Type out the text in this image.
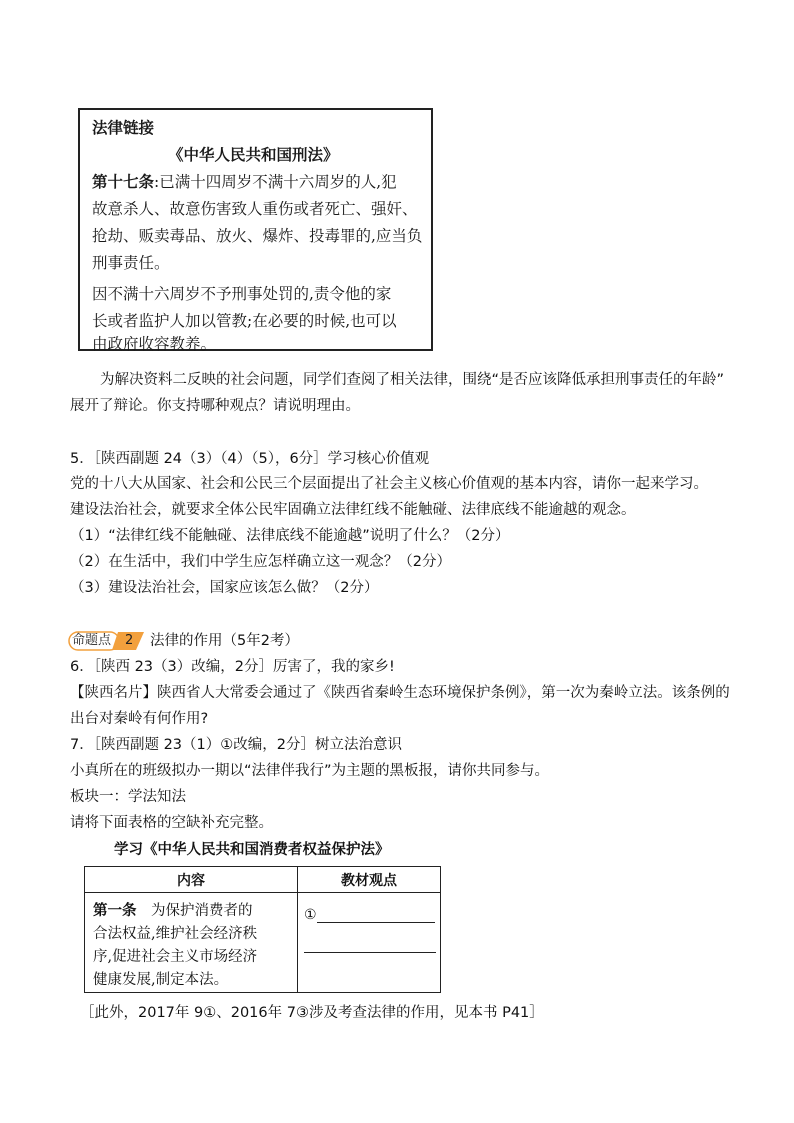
法律链接
《中华人民共和国刑法》
第十七条:已满十四周岁不满十六周岁的人,犯
故意杀人、故意伤害致人重伤或者死亡、强奸、
抢劫、贩卖毒品、放火、爆炸、投毒罪的,应当负
刑事责任。
因不满十六周岁不予刑事处罚的,责令他的家
长或者监护人加以管教;在必要的时候,也可以
由政府收容教养。
为解决资料二反映的社会问题，同学们查阅了相关法律，围绕“是否应该降低承担刑事责任的年龄”
展开了辩论。你支持哪种观点？请说明理由。
5．［陕西副题 24（3）（4）（5），6分］学习核心价值观
党的十八大从国家、社会和公民三个层面提出了社会主义核心价值观的基本内容，请你一起来学习。
建设法治社会，就要求全体公民牢固确立法律红线不能触碰、法律底线不能逾越的观念。
（1）“法律红线不能触碰、法律底线不能逾越”说明了什么？（2分）
（2）在生活中，我们中学生应怎样确立这一观念？（2分）
（3）建设法治社会，国家应该怎么做？（2分）
命题点 2 法律的作用（5年2考）
6．［陕西 23（3）改编，2分］厉害了，我的家乡!
【陕西名片】陕西省人大常委会通过了《陕西省秦岭生态环境保护条例》，第一次为秦岭立法。该条例的
出台对秦岭有何作用?
7．［陕西副题 23（1）①改编，2分］树立法治意识
小真所在的班级拟办一期以“法律伴我行”为主题的黑板报，请你共同参与。
板块一：学法知法
请将下面表格的空缺补充完整。
学习《中华人民共和国消费者权益保护法》
内容	教材观点

第一条　为保护消费者的
合法权益,维护社会经济秩
序,促进社会主义市场经济
健康发展,制定本法。	①
［此外，2017年 9①、2016年 7③涉及考查法律的作用，见本书 P41］
